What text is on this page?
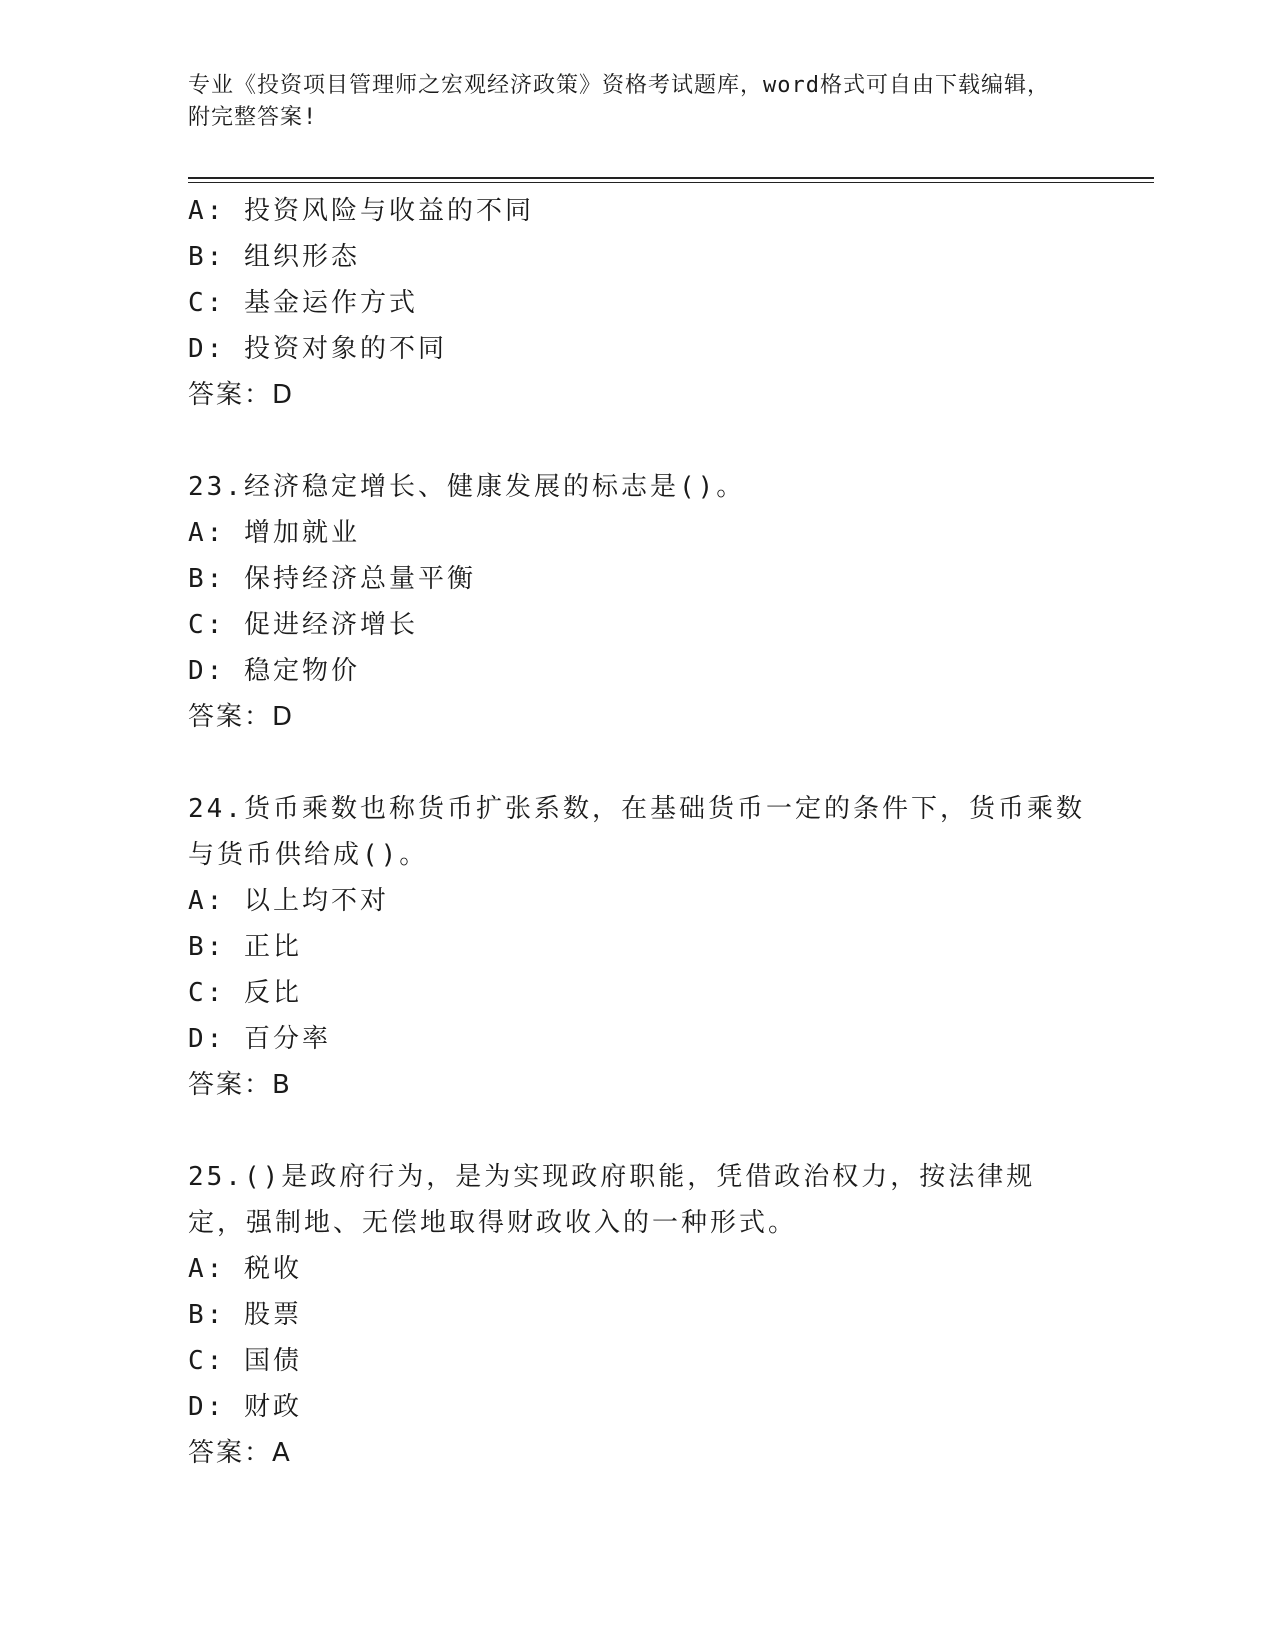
专业《投资项目管理师之宏观经济政策》资格考试题库，word格式可自由下载编辑，附完整答案!
A: 投资风险与收益的不同
B: 组织形态
C: 基金运作方式
D: 投资对象的不同
答案：D
23.经济稳定增长、健康发展的标志是()。
A: 增加就业
B: 保持经济总量平衡
C: 促进经济增长
D: 稳定物价
答案：D
24.货币乘数也称货币扩张系数，在基础货币一定的条件下，货币乘数与货币供给成()。
A: 以上均不对
B: 正比
C: 反比
D: 百分率
答案：B
25.()是政府行为，是为实现政府职能，凭借政治权力，按法律规定，强制地、无偿地取得财政收入的一种形式。
A: 税收
B: 股票
C: 国债
D: 财政
答案：A
